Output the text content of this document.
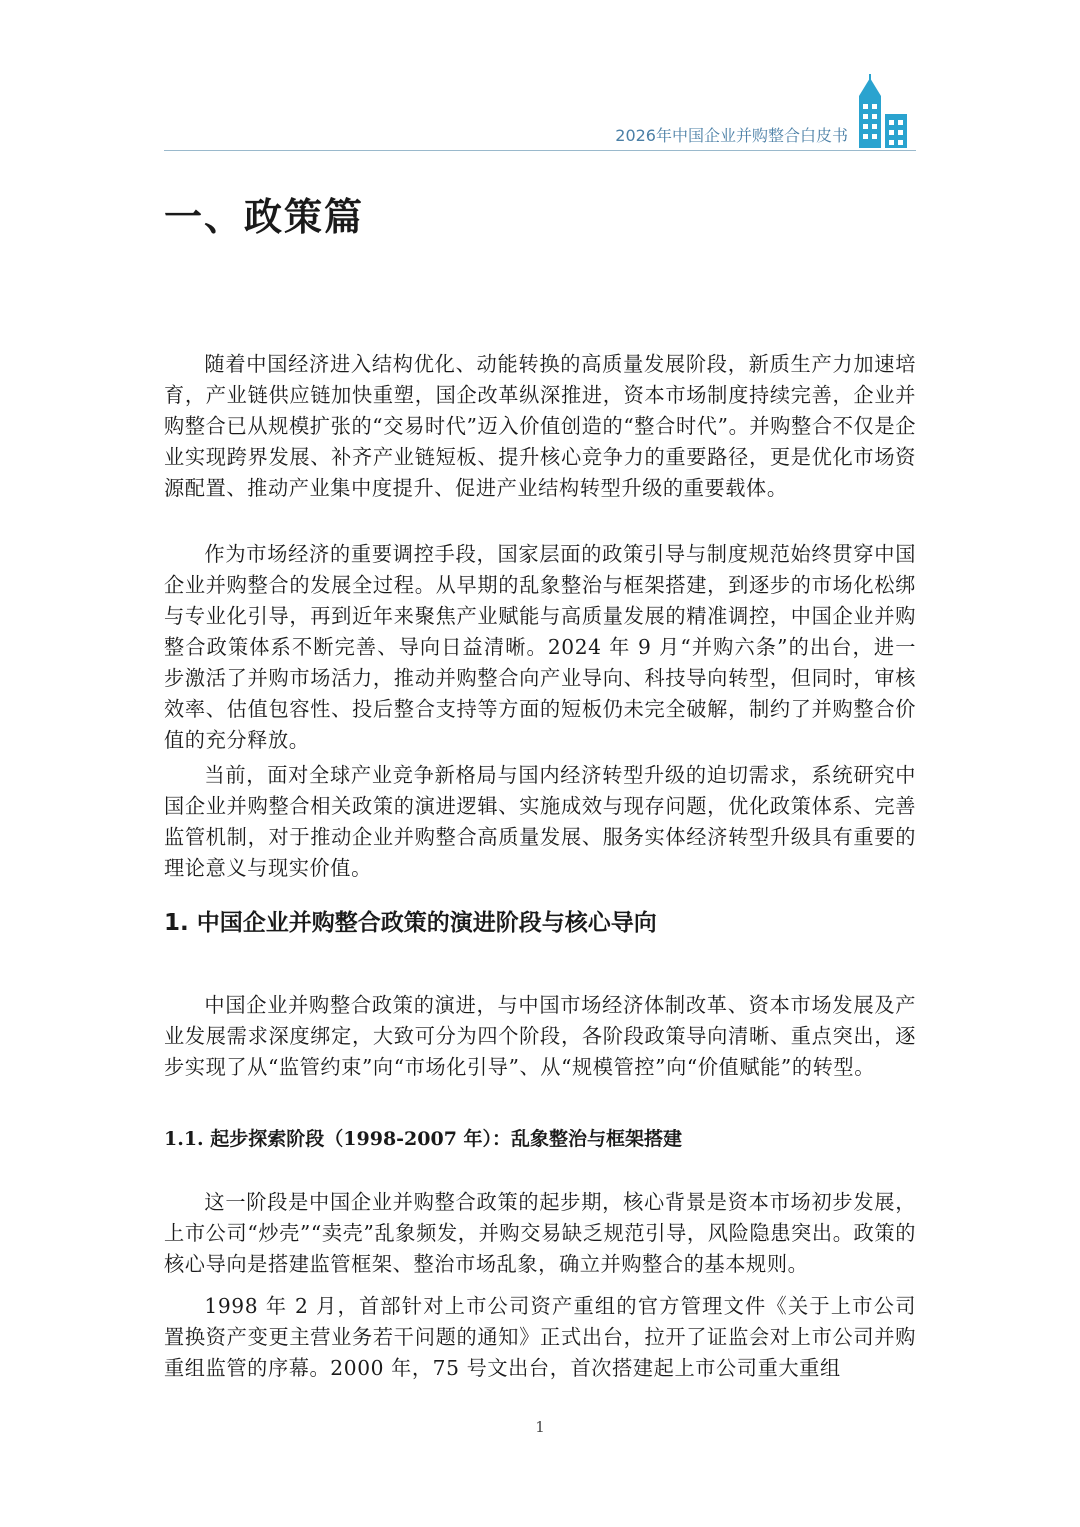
2026年中国企业并购整合白皮书
一、政策篇

随着中国经济进入结构优化、动能转换的高质量发展阶段，新质生产力加速培育，产业链供应链加快重塑，国企改革纵深推进，资本市场制度持续完善，企业并购整合已从规模扩张的“交易时代”迈入价值创造的“整合时代”。并购整合不仅是企业实现跨界发展、补齐产业链短板、提升核心竞争力的重要路径，更是优化市场资源配置、推动产业集中度提升、促进产业结构转型升级的重要载体。

作为市场经济的重要调控手段，国家层面的政策引导与制度规范始终贯穿中国企业并购整合的发展全过程。从早期的乱象整治与框架搭建，到逐步的市场化松绑与专业化引导，再到近年来聚焦产业赋能与高质量发展的精准调控，中国企业并购整合政策体系不断完善、导向日益清晰。2024 年 9 月“并购六条”的出台，进一步激活了并购市场活力，推动并购整合向产业导向、科技导向转型，但同时，审核效率、估值包容性、投后整合支持等方面的短板仍未完全破解，制约了并购整合价值的充分释放。

当前，面对全球产业竞争新格局与国内经济转型升级的迫切需求，系统研究中国企业并购整合相关政策的演进逻辑、实施成效与现存问题，优化政策体系、完善监管机制，对于推动企业并购整合高质量发展、服务实体经济转型升级具有重要的理论意义与现实价值。

1. 中国企业并购整合政策的演进阶段与核心导向

中国企业并购整合政策的演进，与中国市场经济体制改革、资本市场发展及产业发展需求深度绑定，大致可分为四个阶段，各阶段政策导向清晰、重点突出，逐步实现了从“监管约束”向“市场化引导”、从“规模管控”向“价值赋能”的转型。

1.1. 起步探索阶段（1998-2007 年）：乱象整治与框架搭建

这一阶段是中国企业并购整合政策的起步期，核心背景是资本市场初步发展，上市公司“炒壳”“卖壳”乱象频发，并购交易缺乏规范引导，风险隐患突出。政策的核心导向是搭建监管框架、整治市场乱象，确立并购整合的基本规则。

1998 年 2 月，首部针对上市公司资产重组的官方管理文件《关于上市公司置换资产变更主营业务若干问题的通知》正式出台，拉开了证监会对上市公司并购重组监管的序幕。2000 年，75 号文出台，首次搭建起上市公司重大重组

1
